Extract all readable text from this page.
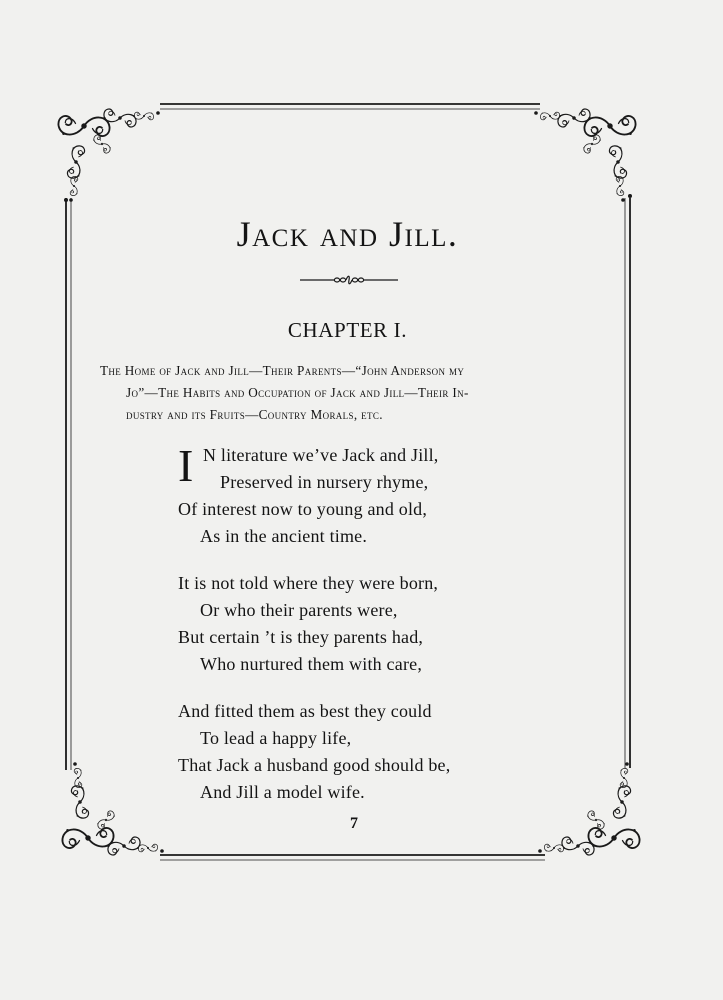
Jack and Jill.
CHAPTER I.
The Home of Jack and Jill—Their Parents—“John Anderson my
Jo”—The Habits and Occupation of Jack and Jill—Their In-
dustry and its Fruits—Country Morals, etc.
I N literature we’ve Jack and Jill,
Preserved in nursery rhyme,
Of interest now to young and old,
As in the ancient time.
It is not told where they were born,
Or who their parents were,
But certain ’t is they parents had,
Who nurtured them with care,
And fitted them as best they could
To lead a happy life,
That Jack a husband good should be,
And Jill a model wife.
7
